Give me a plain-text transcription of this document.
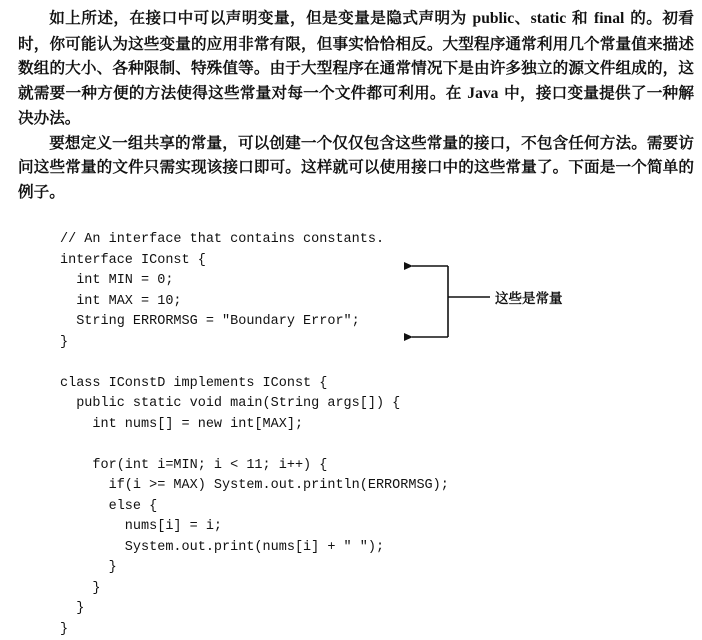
如上所述，在接口中可以声明变量，但是变量是隐式声明为 public、static 和 final 的。初看时，你可能认为这些变量的应用非常有限，但事实恰恰相反。大型程序通常利用几个常量值来描述数组的大小、各种限制、特殊值等。由于大型程序在通常情况下是由许多独立的源文件组成的，这就需要一种方便的方法使得这些常量对每一个文件都可利用。在 Java 中，接口变量提供了一种解决办法。

要想定义一组共享的常量，可以创建一个仅仅包含这些常量的接口，不包含任何方法。需要访问这些常量的文件只需实现该接口即可。这样就可以使用接口中的这些常量了。下面是一个简单的例子。

// An interface that contains constants.
interface IConst {
int MIN = 0;
int MAX = 10;
String ERRORMSG = "Boundary Error";
}
class IConstD implements IConst {
public static void main(String args[]) {
int nums[] = new int[MAX];
for(int i=MIN; i < 11; i++) {
if(i >= MAX) System.out.println(ERRORMSG);
else {
nums[i] = i;
System.out.print(nums[i] + " ");
}
}
}
}
这些是常量
